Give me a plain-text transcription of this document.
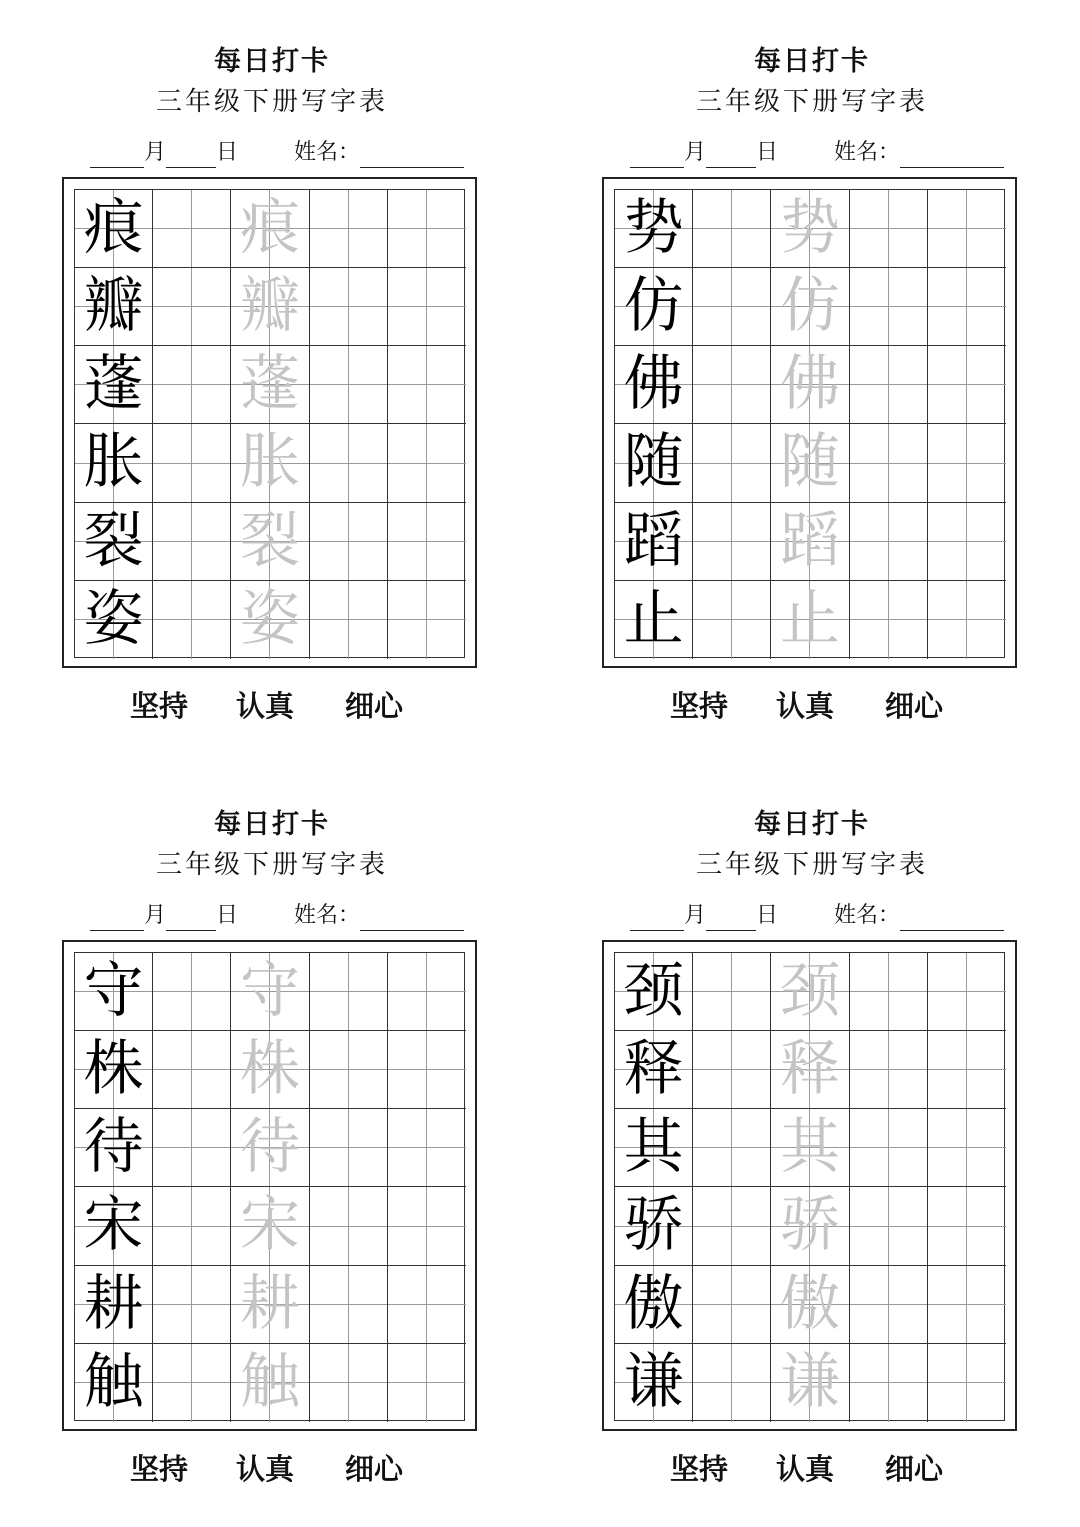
每日打卡
三年级下册写字表
月 日	姓名：
痕 痕
瓣 瓣
蓬 蓬
胀 胀
裂 裂
姿 姿
坚持 认真 细心
每日打卡
三年级下册写字表
月 日	姓名：
势 势
仿 仿
佛 佛
随 随
蹈 蹈
止 止
坚持 认真 细心
每日打卡
三年级下册写字表
月 日	姓名：
守 守
株 株
待 待
宋 宋
耕 耕
触 触
坚持 认真 细心
每日打卡
三年级下册写字表
月 日	姓名：
颈 颈
释 释
其 其
骄 骄
傲 傲
谦 谦
坚持 认真 细心
